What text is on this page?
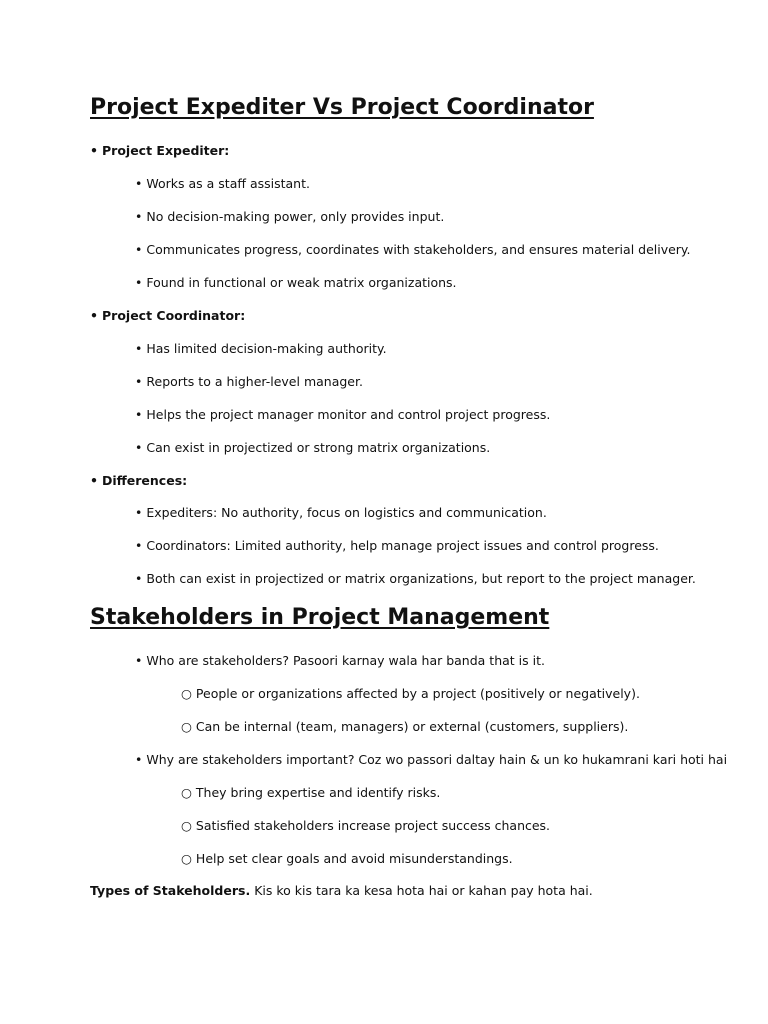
Project Expediter Vs Project Coordinator
• Project Expediter:
• Works as a staff assistant.
• No decision-making power, only provides input.
• Communicates progress, coordinates with stakeholders, and ensures material delivery.
• Found in functional or weak matrix organizations.
• Project Coordinator:
• Has limited decision-making authority.
• Reports to a higher-level manager.
• Helps the project manager monitor and control project progress.
• Can exist in projectized or strong matrix organizations.
• Differences:
• Expediters: No authority, focus on logistics and communication.
• Coordinators: Limited authority, help manage project issues and control progress.
• Both can exist in projectized or matrix organizations, but report to the project manager.
Stakeholders in Project Management
• Who are stakeholders? Pasoori karnay wala har banda that is it.
○ People or organizations affected by a project (positively or negatively).
○ Can be internal (team, managers) or external (customers, suppliers).
• Why are stakeholders important? Coz wo passori daltay hain & un ko hukamrani kari hoti hai
○ They bring expertise and identify risks.
○ Satisfied stakeholders increase project success chances.
○ Help set clear goals and avoid misunderstandings.
Types of Stakeholders. Kis ko kis tara ka kesa hota hai or kahan pay hota hai.
